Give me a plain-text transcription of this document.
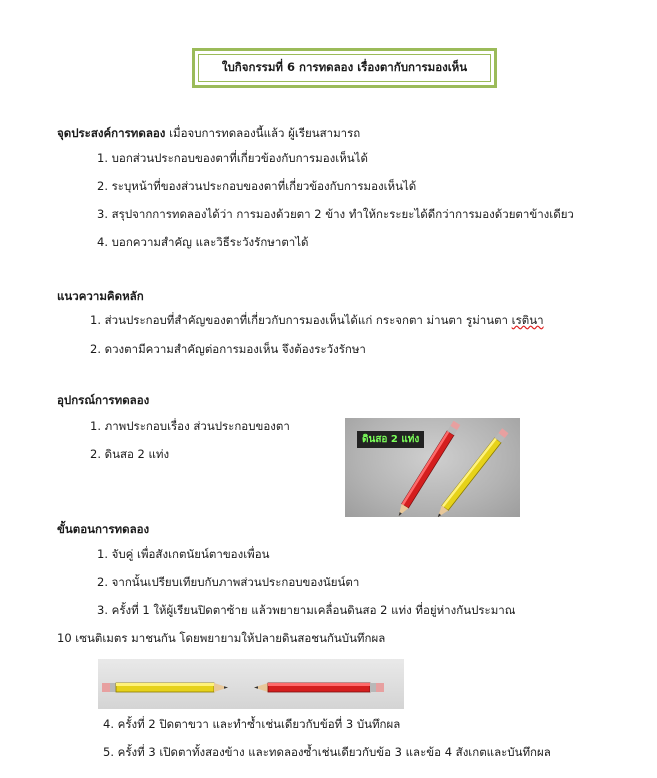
ใบกิจกรรมที่ 6 การทดลอง เรื่องตากับการมองเห็น
จุดประสงค์การทดลอง เมื่อจบการทดลองนี้แล้ว ผู้เรียนสามารถ
1. บอกส่วนประกอบของตาที่เกี่ยวข้องกับการมองเห็นได้
2. ระบุหน้าที่ของส่วนประกอบของตาที่เกี่ยวข้องกับการมองเห็นได้
3. สรุปจากการทดลองได้ว่า การมองด้วยตา 2 ข้าง ทำให้กะระยะได้ดีกว่าการมองด้วยตาข้างเดียว
4. บอกความสำคัญ และวิธีระวังรักษาตาได้
แนวความคิดหลัก
1. ส่วนประกอบที่สำคัญของตาที่เกี่ยวกับการมองเห็นได้แก่ กระจกตา ม่านตา รูม่านตา เรตินา
2. ดวงตามีความสำคัญต่อการมองเห็น จึงต้องระวังรักษา
อุปกรณ์การทดลอง
1. ภาพประกอบเรื่อง ส่วนประกอบของตา
2. ดินสอ 2 แท่ง
ดินสอ 2 แท่ง
ขั้นตอนการทดลอง
1. จับคู่ เพื่อสังเกตนัยน์ตาของเพื่อน
2. จากนั้นเปรียบเทียบกับภาพส่วนประกอบของนัยน์ตา
3. ครั้งที่ 1 ให้ผู้เรียนปิดตาซ้าย แล้วพยายามเคลื่อนดินสอ 2 แท่ง ที่อยู่ห่างกันประมาณ
10 เซนติเมตร มาชนกัน โดยพยายามให้ปลายดินสอชนกันบันทึกผล
4. ครั้งที่ 2 ปิดตาขวา และทำซ้ำเช่นเดียวกับข้อที่ 3 บันทึกผล
5. ครั้งที่ 3 เปิดตาทั้งสองข้าง และทดลองซ้ำเช่นเดียวกับข้อ 3 และข้อ 4 สังเกตและบันทึกผล
